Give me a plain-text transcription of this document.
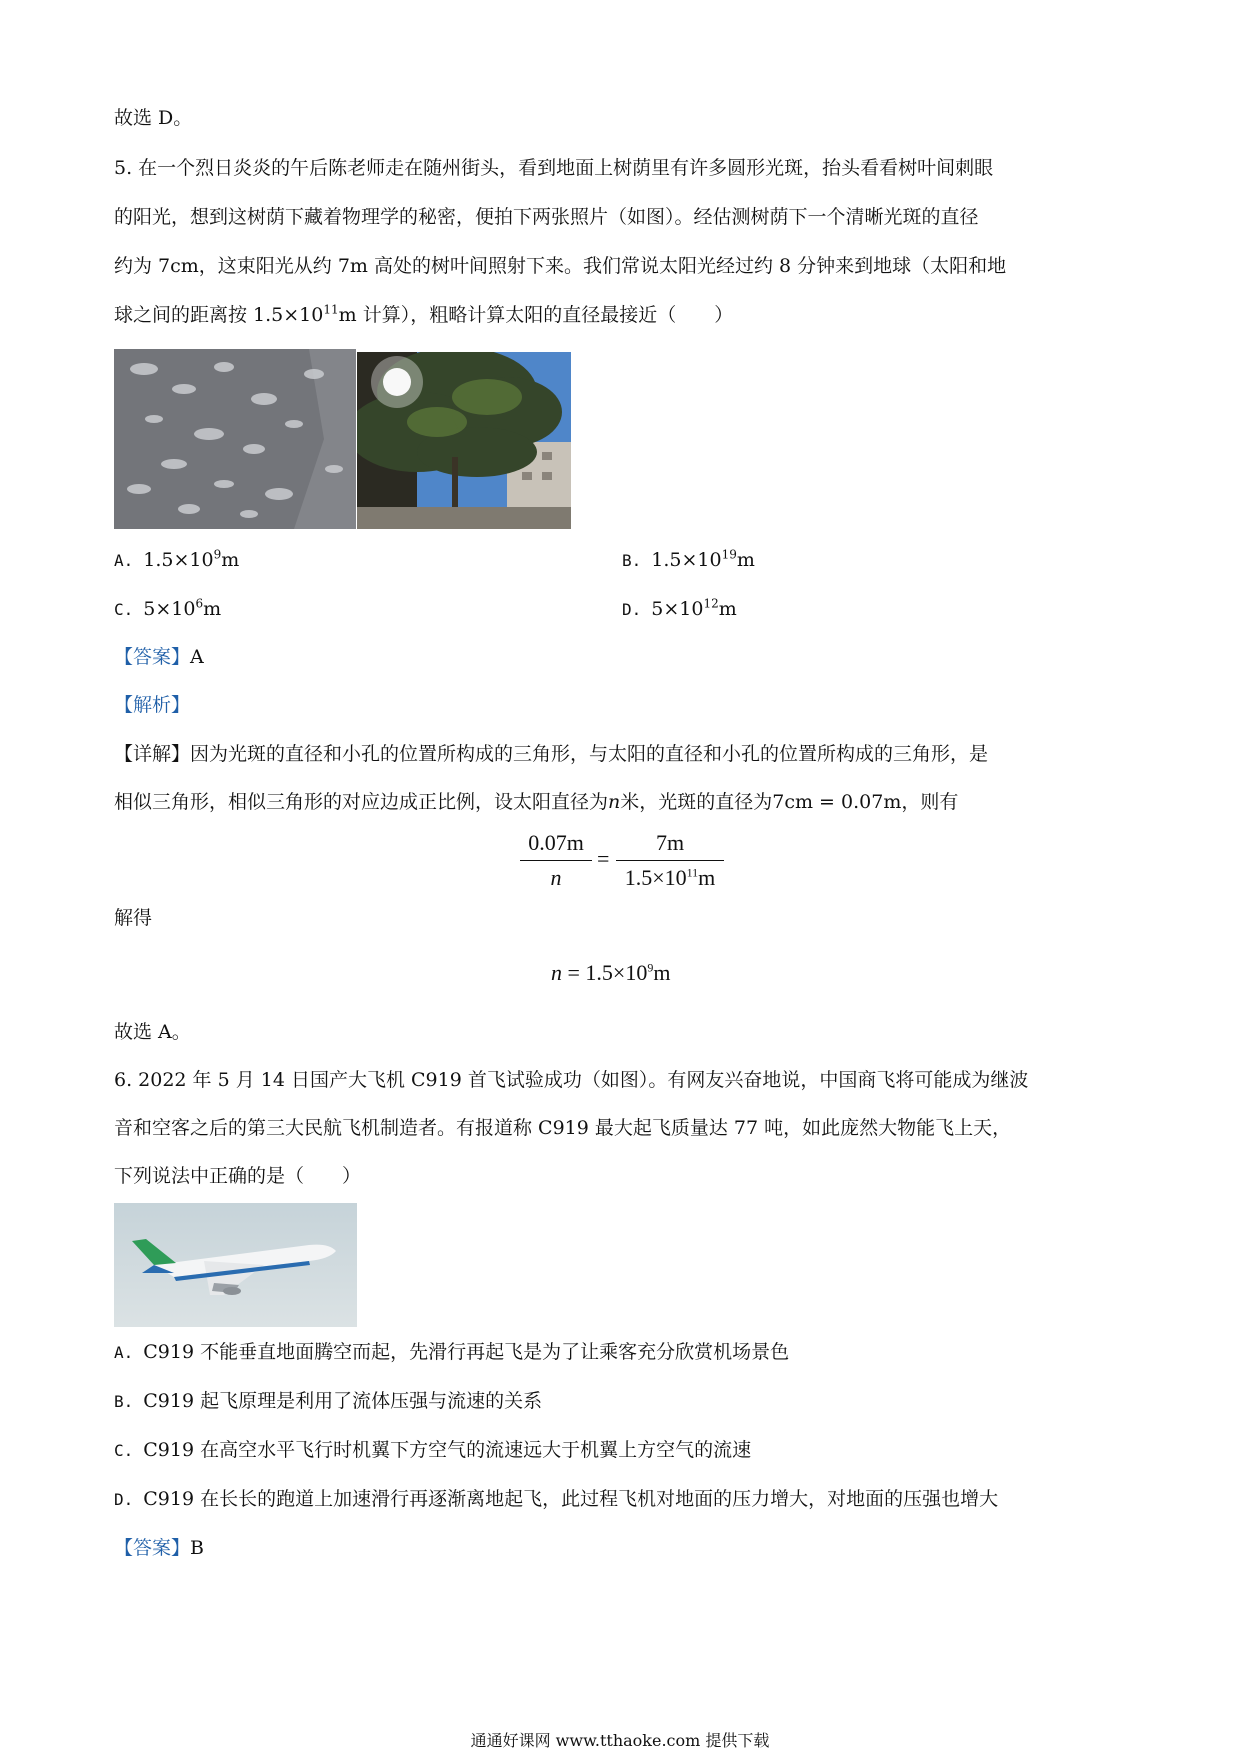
故选 D。
5. 在一个烈日炎炎的午后陈老师走在随州街头，看到地面上树荫里有许多圆形光斑，抬头看看树叶间刺眼
的阳光，想到这树荫下藏着物理学的秘密，便拍下两张照片（如图）。经估测树荫下一个清晰光斑的直径
约为 7cm，这束阳光从约 7m 高处的树叶间照射下来。我们常说太阳光经过约 8 分钟来到地球（太阳和地
球之间的距离按 $1.5\times 10^{11}m$ 计算），粗略计算太阳的直径最接近（　　）
A. $1.5\times 10^9m$	B. $1.5\times 10^{19}m$
C. $5\times 10^6m$	D. $5\times 10^{12}m$
【答案】A
【解析】
【详解】因为光斑的直径和小孔的位置所构成的三角形，与太阳的直径和小孔的位置所构成的三角形，是
相似三角形，相似三角形的对应边成正比例，设太阳直径为n米，光斑的直径为7cm = 0.07m，则有
0.07m
n
=
7m
$1.5\times 10^{11}m$
解得
$n = 1.5\times 10^9m$
故选 A。
6. 2022 年 5 月 14 日国产大飞机 C919 首飞试验成功（如图）。有网友兴奋地说，中国商飞将可能成为继波
音和空客之后的第三大民航飞机制造者。有报道称 C919 最大起飞质量达 77 吨，如此庞然大物能飞上天，
下列说法中正确的是（　　）
A. C919 不能垂直地面腾空而起，先滑行再起飞是为了让乘客充分欣赏机场景色
B. C919 起飞原理是利用了流体压强与流速的关系
C. C919 在高空水平飞行时机翼下方空气的流速远大于机翼上方空气的流速
D. C919 在长长的跑道上加速滑行再逐渐离地起飞，此过程飞机对地面的压力增大，对地面的压强也增大
【答案】B
通通好课网 www.tthaoke.com 提供下载
